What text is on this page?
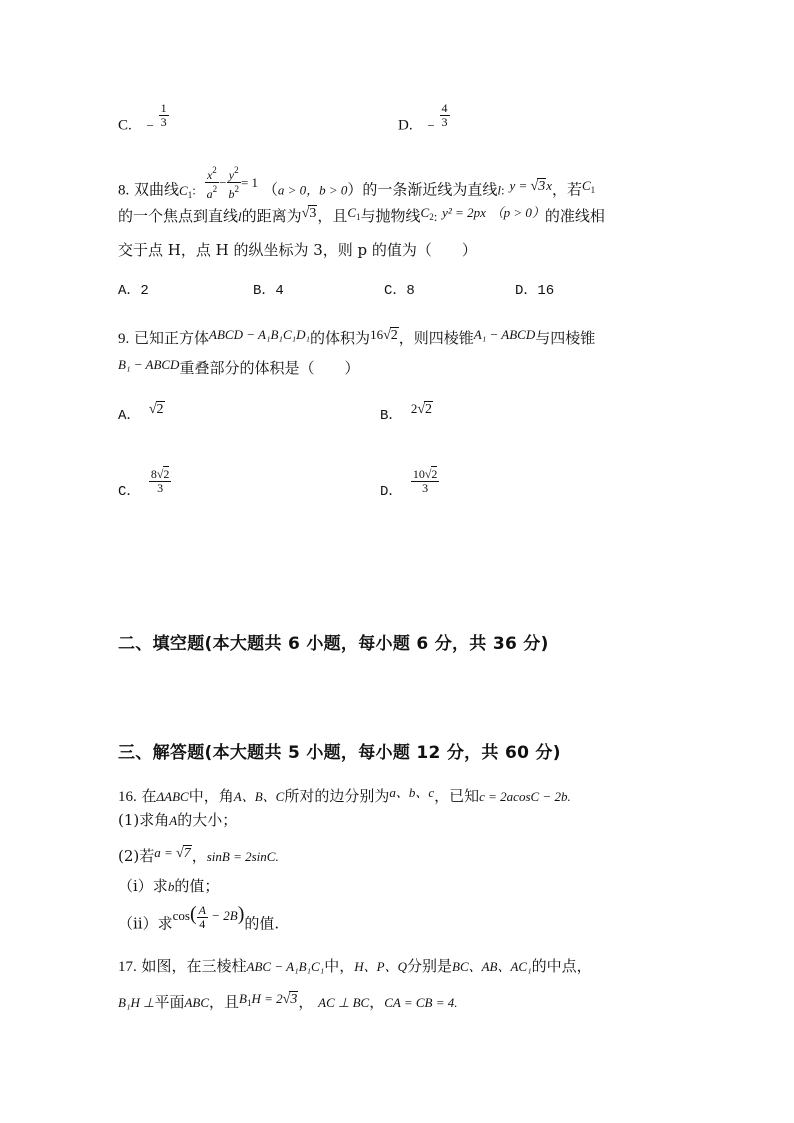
C. − $\frac{1}{3}$	D. − $\frac{4}{3}$
8. 双曲线$C_1$: $\frac{x^2}{a^2} - \frac{y^2}{b^2} = 1$ （a > 0，b > 0）的一条渐近线为直线l: y = √3x，若$C_1$
的一个焦点到直线l的距离为√3，且$C_1$与抛物线$C_2$: y² = 2px （p > 0）的准线相
交于点 H，点 H 的纵坐标为 3，则 p 的值为（　　）
A．2	B．4	C．8	D．16
9. 已知正方体ABCD − A₁B₁C₁D₁的体积为16√2，则四棱锥A₁ − ABCD与四棱锥
B₁ − ABCD重叠部分的体积是（　　）
A． √2	B． 2√2
C． $\frac{8√2}{3}$	D． $\frac{10√2}{3}$
二、填空题(本大题共 6 小题，每小题 6 分，共 36 分)
三、解答题(本大题共 5 小题，每小题 12 分，共 60 分)
16. 在ΔABC中，角A、B、C所对的边分别为a、b、c，已知c = 2acosC − 2b.
(1)求角A的大小；
(2)若a = √7，sinB = 2sinC.
（ⅰ）求b的值；
（ⅱ）求$\cos( \frac{A}{4} - 2B)$的值.
17. 如图，在三棱柱ABC − A₁B₁C₁中，H、P、Q分别是BC、AB、AC₁的中点，
B₁H ⊥平面ABC，且$B_1H = 2√3$， AC ⊥ BC，CA = CB = 4.
